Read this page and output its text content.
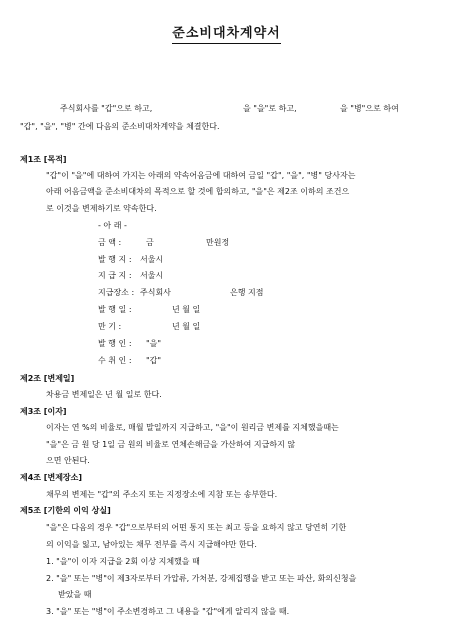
준소비대차계약서
주식회사를 "갑"으로 하고,	을 "을"로 하고,	을 "병"으로 하여
"갑", "을", "병" 간에 다음의 준소비대차계약을 체결한다.
제1조 [목적]
"갑"이 "을"에 대하여 가지는 아래의 약속어음금에 대하여 금일 "갑", "을", "병" 당사자는
아래 어음금액을 준소비대차의 목적으로 할 것에 합의하고, "을"은 제2조 이하의 조건으
로 이것을 변제하기로 약속한다.
- 아 래 -
금 액 :	금	만원정
발 행 지 : 서울시
지 급 지 : 서울시
지급장소 : 주식회사	은행 지점
발 행 일 :	년 월 일
만 기 :	년 월 일
발 행 인 : "을"
수 취 인 : "갑"
제2조 [변제일]
차용금 변제일은 년 월 일로 한다.
제3조 [이자]
이자는 연 %의 비율로, 매월 말일까지 지급하고, "을"이 원리금 변제를 지체했을때는
"을"은 금 원 당 1일 금 원의 비율로 연체손해금을 가산하여 지급하지 않
으면 안된다.
제4조 [변제장소]
채무의 변제는 "갑"의 주소지 또는 지정장소에 지참 또는 송부한다.
제5조 [기한의 이익 상실]
"을"은 다음의 경우 "갑"으로부터의 어떤 통지 또는 최고 등을 요하지 않고 당연히 기한
의 이익을 잃고, 남아있는 채무 전부를 즉시 지급해야만 한다.
1. "을"이 이자 지급을 2회 이상 지체했을 때
2. "을" 또는 "병"이 제3자로부터 가압류, 가처분, 강제집행을 받고 또는 파산, 화의신청을
받았을 때
3. "을" 또는 "병"이 주소변경하고 그 내용을 "갑"에게 알리지 않을 때.
